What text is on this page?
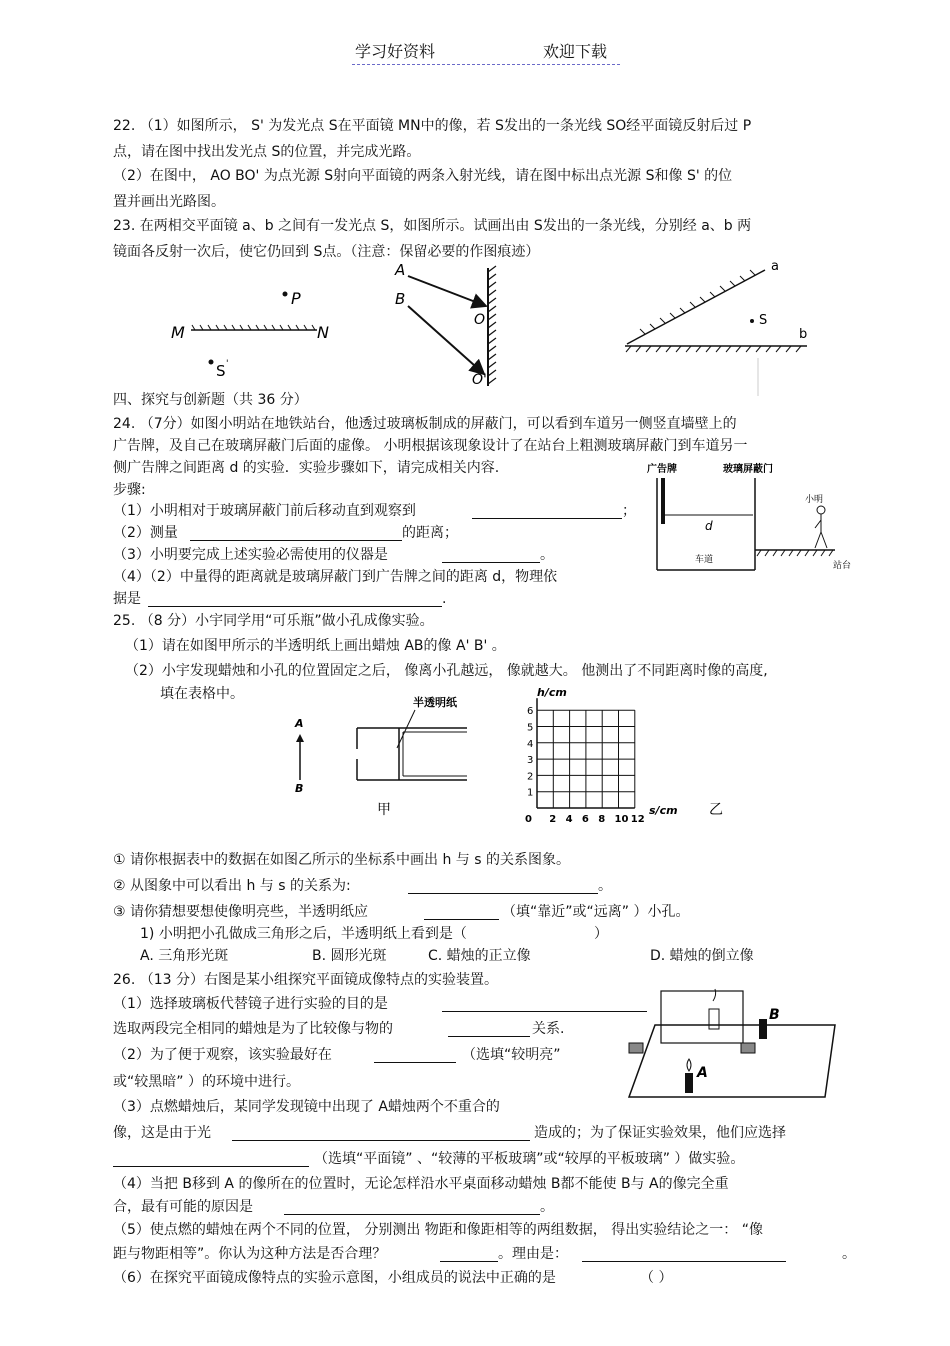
学习好资料	欢迎下载
22. （1）如图所示， S' 为发光点 S在平面镜 MN中的像，若 S发出的一条光线 SO经平面镜反射后过 P
点，请在图中找出发光点 S的位置，并完成光路。
（2）在图中， AO BO' 为点光源 S射向平面镜的两条入射光线，请在图中标出点光源 S和像 S' 的位
置并画出光路图。
23. 在两相交平面镜 a、b 之间有一发光点 S，如图所示。试画出由 S发出的一条光线，分别经 a、b 两
镜面各反射一次后，使它仍回到 S点。（注意：保留必要的作图痕迹）
P
M	N
S '
A
B
O
O'
a
b
S
四、探究与创新题（共 36 分）
24. （7分）如图小明站在地铁站台，他透过玻璃板制成的屏蔽门，可以看到车道另一侧竖直墙壁上的
广告牌，及自己在玻璃屏蔽门后面的虚像。 小明根据该现象设计了在站台上粗测玻璃屏蔽门到车道另一
侧广告牌之间距离 d 的实验．实验步骤如下，请完成相关内容.
步骤:
（1）小明相对于玻璃屏蔽门前后移动直到观察到	；
（2）测量	的距离；
（3）小明要完成上述实验必需使用的仪器是	。
（4）（2）中量得的距离就是玻璃屏蔽门到广告牌之间的距离 d，物理依
据是	.
广告牌	玻璃屏蔽门
d
车道
小明
站台
25. （8 分）小宇同学用“可乐瓶”做小孔成像实验。
（1）请在如图甲所示的半透明纸上画出蜡烛 AB的像 A' B' 。
（2）小宇发现蜡烛和小孔的位置固定之后， 像离小孔越远， 像就越大。 他测出了不同距离时像的高度,
填在表格中。
半透明纸
A
B
甲
h/cm
s/cm 乙
1
2
3
4
5
6
0 2 4 6 8 10 12
① 请你根据表中的数据在如图乙所示的坐标系中画出 h 与 s 的关系图象。
② 从图象中可以看出 h 与 s 的关系为:	。
③ 请你猜想要想使像明亮些，半透明纸应	（填“靠近”或“远离” ）小孔。
1) 小明把小孔做成三角形之后，半透明纸上看到是（	）
A. 三角形光斑	B. 圆形光斑	C. 蜡烛的正立像	D. 蜡烛的倒立像
26. （13 分）右图是某小组探究平面镜成像特点的实验装置。
（1）选择玻璃板代替镜子进行实验的目的是
选取两段完全相同的蜡烛是为了比较像与物的	关系.
（2）为了便于观察，该实验最好在	（选填“较明亮”
或“较黑暗” ）的环境中进行。
（3）点燃蜡烛后，某同学发现镜中出现了 A蜡烛两个不重合的
像，这是由于光	造成的；为了保证实验效果，他们应选择
（选填“平面镜” 、“较薄的平板玻璃”或“较厚的平板玻璃” ）做实验。
（4）当把 B移到 A 的像所在的位置时，无论怎样沿水平桌面移动蜡烛 B都不能使 B与 A的像完全重
合，最有可能的原因是	。
（5）使点燃的蜡烛在两个不同的位置， 分别测出 物距和像距相等的两组数据， 得出实验结论之一： “像
距与物距相等”。你认为这种方法是否合理？	。理由是：	。
（6）在探究平面镜成像特点的实验示意图，小组成员的说法中正确的是	（ ）
B
A
